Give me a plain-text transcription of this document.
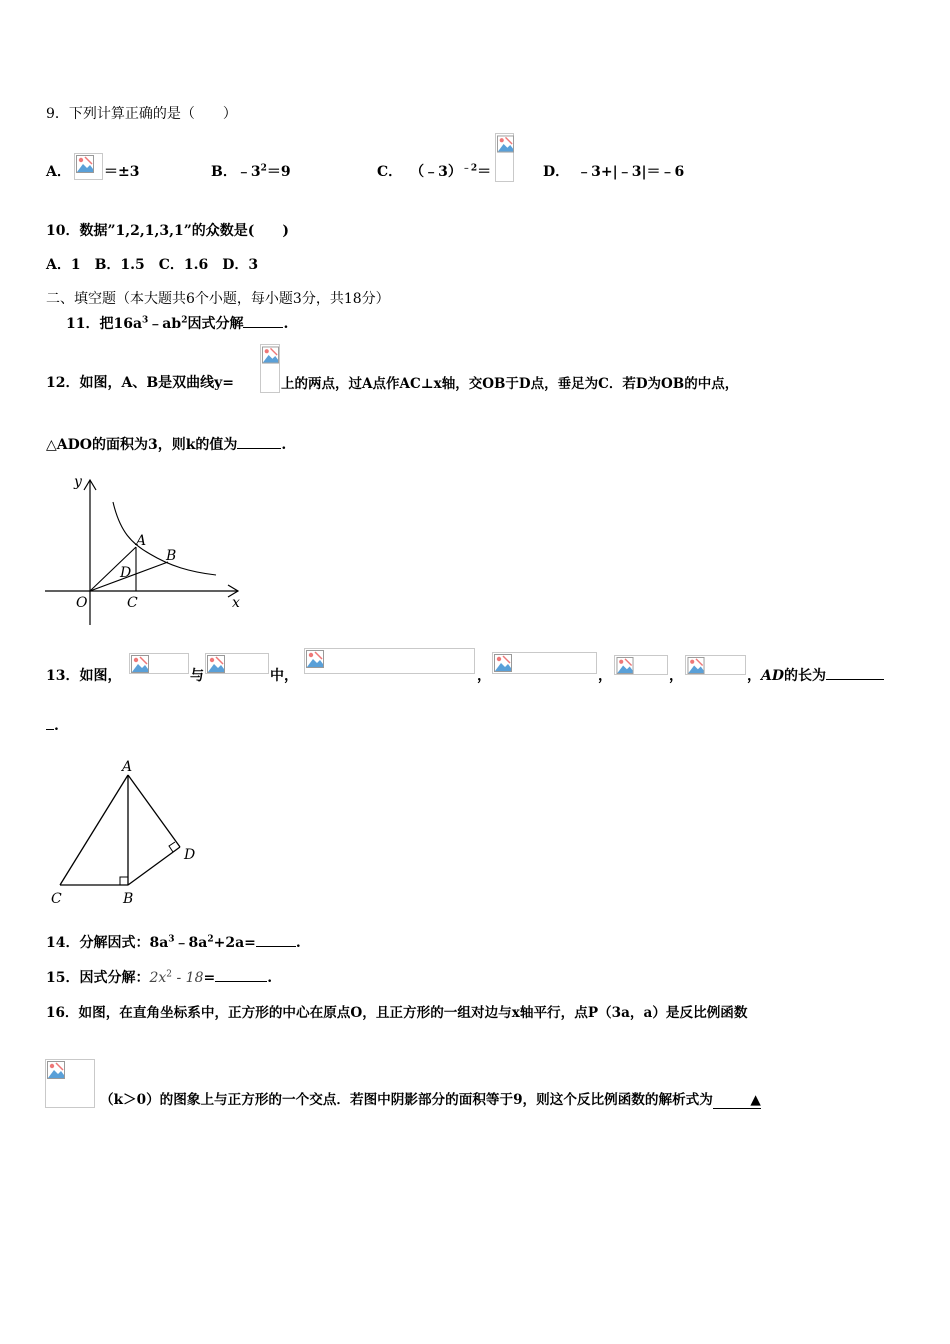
9．下列计算正确的是（　　）
A． ＝±3	B．$﹣3^2=9$	C． （﹣3）$^{﹣2}$＝	D． ﹣3+|﹣3|＝﹣6
10．数据”1,2,1,3,1”的众数是(　　)
A．1　B．1.5　C．1.6　D．3
二、填空题（本大题共6个小题，每小题3分，共18分）
11．把$16a^3﹣ab^2$因式分解	.
12．如图，A、B是双曲线y=	上的两点，过A点作AC⊥x轴，交OB于D点，垂足为C．若D为OB的中点，
△ADO的面积为3，则k的值为	.
y
x
O
A
B
C
D
13．如图，	与	中，	，	，	，	，AD的长为
.
A
B
C
D
14．分解因式：$8a^3﹣8a^2+2a=$	.
15．因式分解：$2x^2 - 18=$	.
16．如图，在直角坐标系中，正方形的中心在原点O，且正方形的一组对边与x轴平行，点P（3a，a）是反比例函数
（k＞0）的图象上与正方形的一个交点．若图中阴影部分的面积等于9，则这个反比例函数的解析式为	▲
